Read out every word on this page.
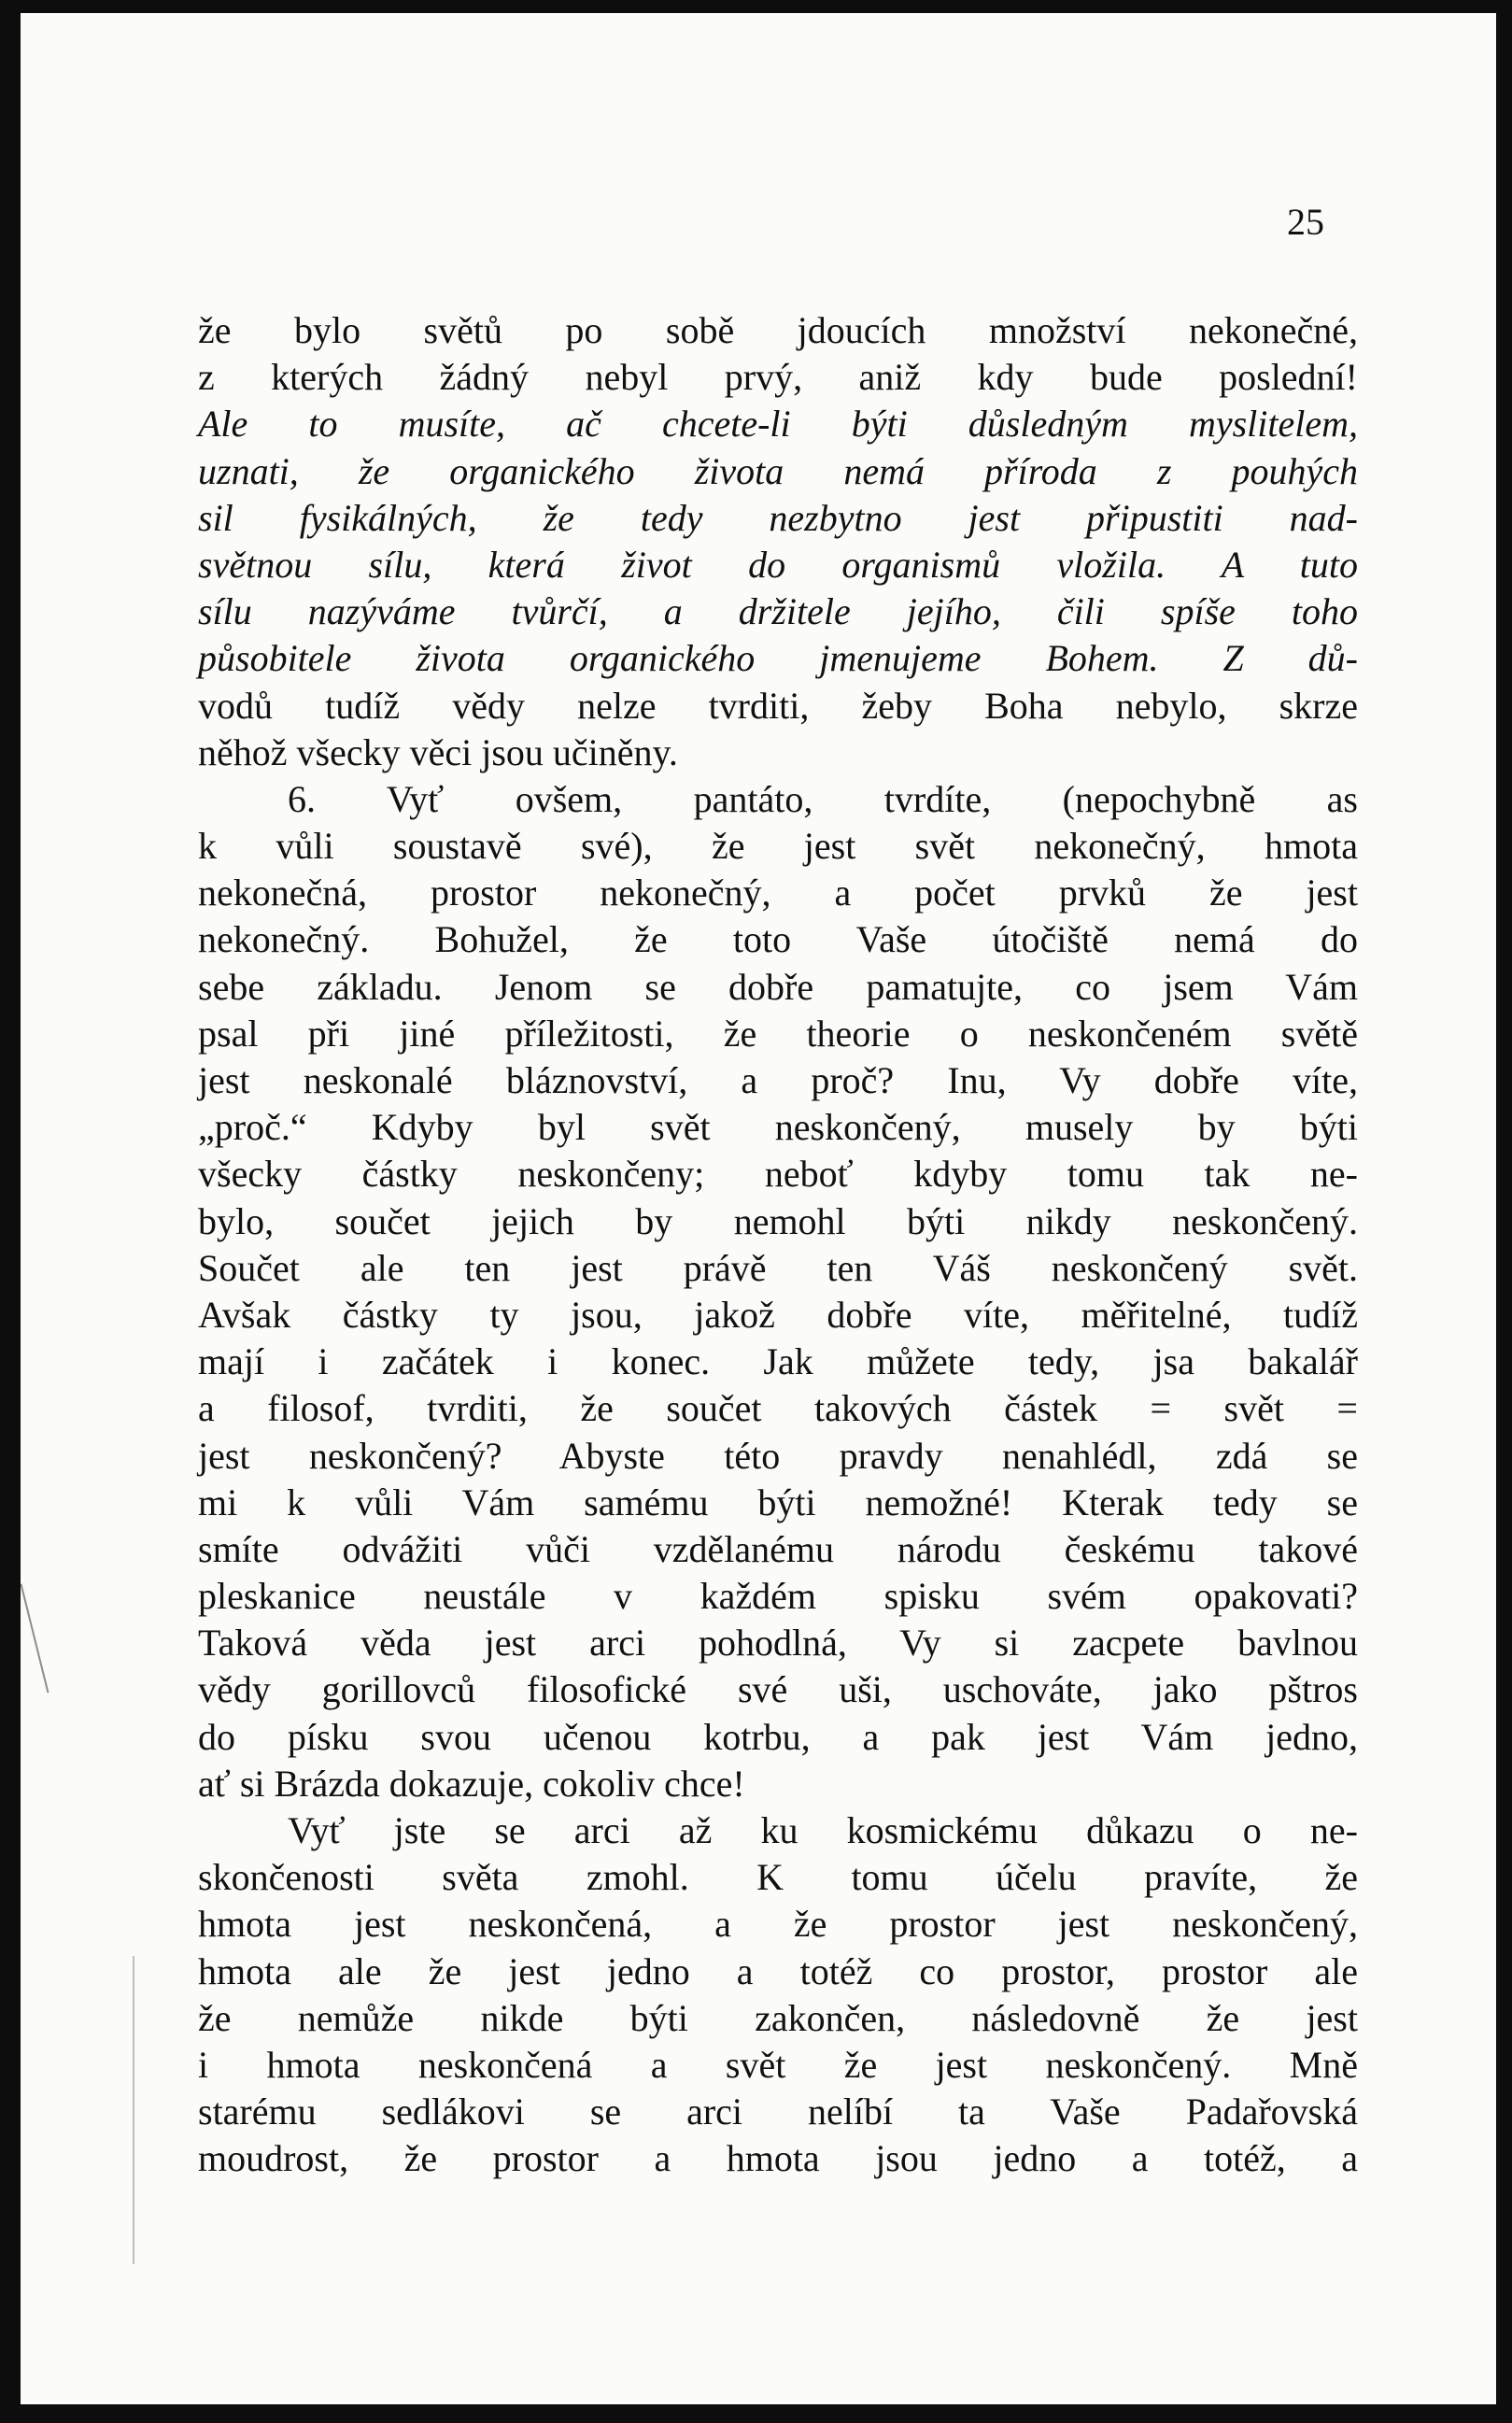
25
že bylo světů po sobě jdoucích množství nekonečné,
z kterých žádný nebyl prvý, aniž kdy bude poslední!
Ale to musíte, ač chcete-li býti důsledným myslitelem,
uznati, že organického života nemá příroda z pouhých
sil fysikálných, že tedy nezbytno jest připustiti nad-
světnou sílu, která život do organismů vložila. A tuto
sílu nazýváme tvůrčí, a držitele jejího, čili spíše toho
působitele života organického jmenujeme Bohem. Z dů-
vodů tudíž vědy nelze tvrditi, žeby Boha nebylo, skrze
něhož všecky věci jsou učiněny.
6. Vyť ovšem, pantáto, tvrdíte, (nepochybně as
k vůli soustavě své), že jest svět nekonečný, hmota
nekonečná, prostor nekonečný, a počet prvků že jest
nekonečný. Bohužel, že toto Vaše útočiště nemá do
sebe základu. Jenom se dobře pamatujte, co jsem Vám
psal při jiné příležitosti, že theorie o neskončeném světě
jest neskonalé bláznovství, a proč? Inu, Vy dobře víte,
„proč.“ Kdyby byl svět neskončený, musely by býti
všecky částky neskončeny; neboť kdyby tomu tak ne-
bylo, součet jejich by nemohl býti nikdy neskončený.
Součet ale ten jest právě ten Váš neskončený svět.
Avšak částky ty jsou, jakož dobře víte, měřitelné, tudíž
mají i začátek i konec. Jak můžete tedy, jsa bakalář
a filosof, tvrditi, že součet takových částek = svět =
jest neskončený? Abyste této pravdy nenahlédl, zdá se
mi k vůli Vám samému býti nemožné! Kterak tedy se
smíte odvážiti vůči vzdělanému národu českému takové
pleskanice neustále v každém spisku svém opakovati?
Taková věda jest arci pohodlná, Vy si zacpete bavlnou
vědy gorillovců filosofické své uši, uschováte, jako pštros
do písku svou učenou kotrbu, a pak jest Vám jedno,
ať si Brázda dokazuje, cokoliv chce!
Vyť jste se arci až ku kosmickému důkazu o ne-
skončenosti světa zmohl. K tomu účelu pravíte, že
hmota jest neskončená, a že prostor jest neskončený,
hmota ale že jest jedno a totéž co prostor, prostor ale
že nemůže nikde býti zakončen, následovně že jest
i hmota neskončená a svět že jest neskončený. Mně
starému sedlákovi se arci nelíbí ta Vaše Padařovská
moudrost, že prostor a hmota jsou jedno a totéž, a
